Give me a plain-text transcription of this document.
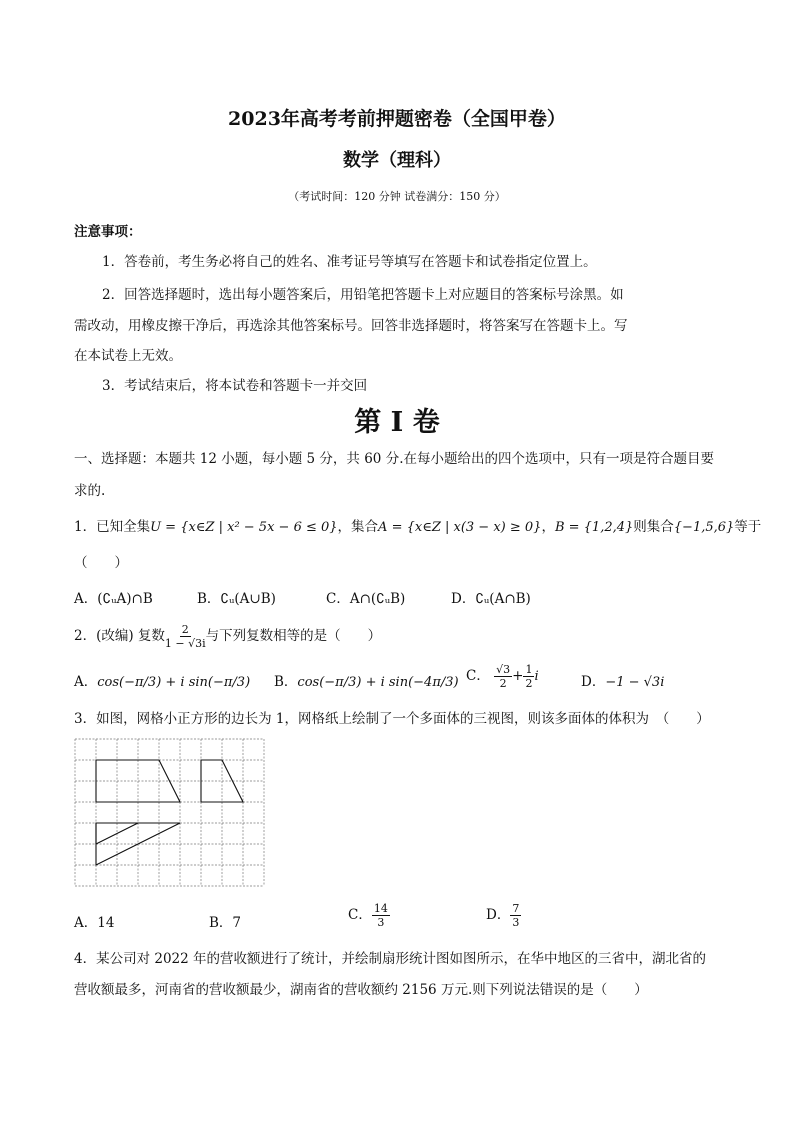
2023年高考考前押题密卷（全国甲卷）
数学（理科）
（考试时间：120 分钟 试卷满分：150 分）
注意事项：
1．答卷前，考生务必将自己的姓名、准考证号等填写在答题卡和试卷指定位置上。
2．回答选择题时，选出每小题答案后，用铅笔把答题卡上对应题目的答案标号涂黑。如
需改动，用橡皮擦干净后，再选涂其他答案标号。回答非选择题时，将答案写在答题卡上。写
在本试卷上无效。
3．考试结束后，将本试卷和答题卡一并交回
第 I 卷
一、选择题：本题共 12 小题，每小题 5 分，共 60 分.在每小题给出的四个选项中，只有一项是符合题目要
求的.
1．已知全集U = {x∈Z | x² − 5x − 6 ≤ 0}，集合A = {x∈Z | x(3 − x) ≥ 0}，B = {1,2,4}则集合{−1,5,6}等于
（　　）
A．(∁ᵤA)∩B	B．∁ᵤ(A∪B)	C．A∩(∁ᵤB)	D．∁ᵤ(A∩B)
2．(改编) 复数 $\frac{2}{1 - √3i}$ 与下列复数相等的是（　　）
A．cos(−π/3) + i sin(−π/3) B．cos(−π/3) + i sin(−4π/3) C． $\frac{√3}{2} + \frac{1}{2}$ i	D．−1 − √3i
3．如图，网格小正方形的边长为 1，网格纸上绘制了一个多面体的三视图，则该多面体的体积为　（　　）
A．14	B．7	C． $\frac{14}{3}$	D． $\frac{7}{3}$
4．某公司对 2022 年的营收额进行了统计，并绘制扇形统计图如图所示，在华中地区的三省中，湖北省的
营收额最多，河南省的营收额最少，湖南省的营收额约 2156 万元.则下列说法错误的是（　　）
